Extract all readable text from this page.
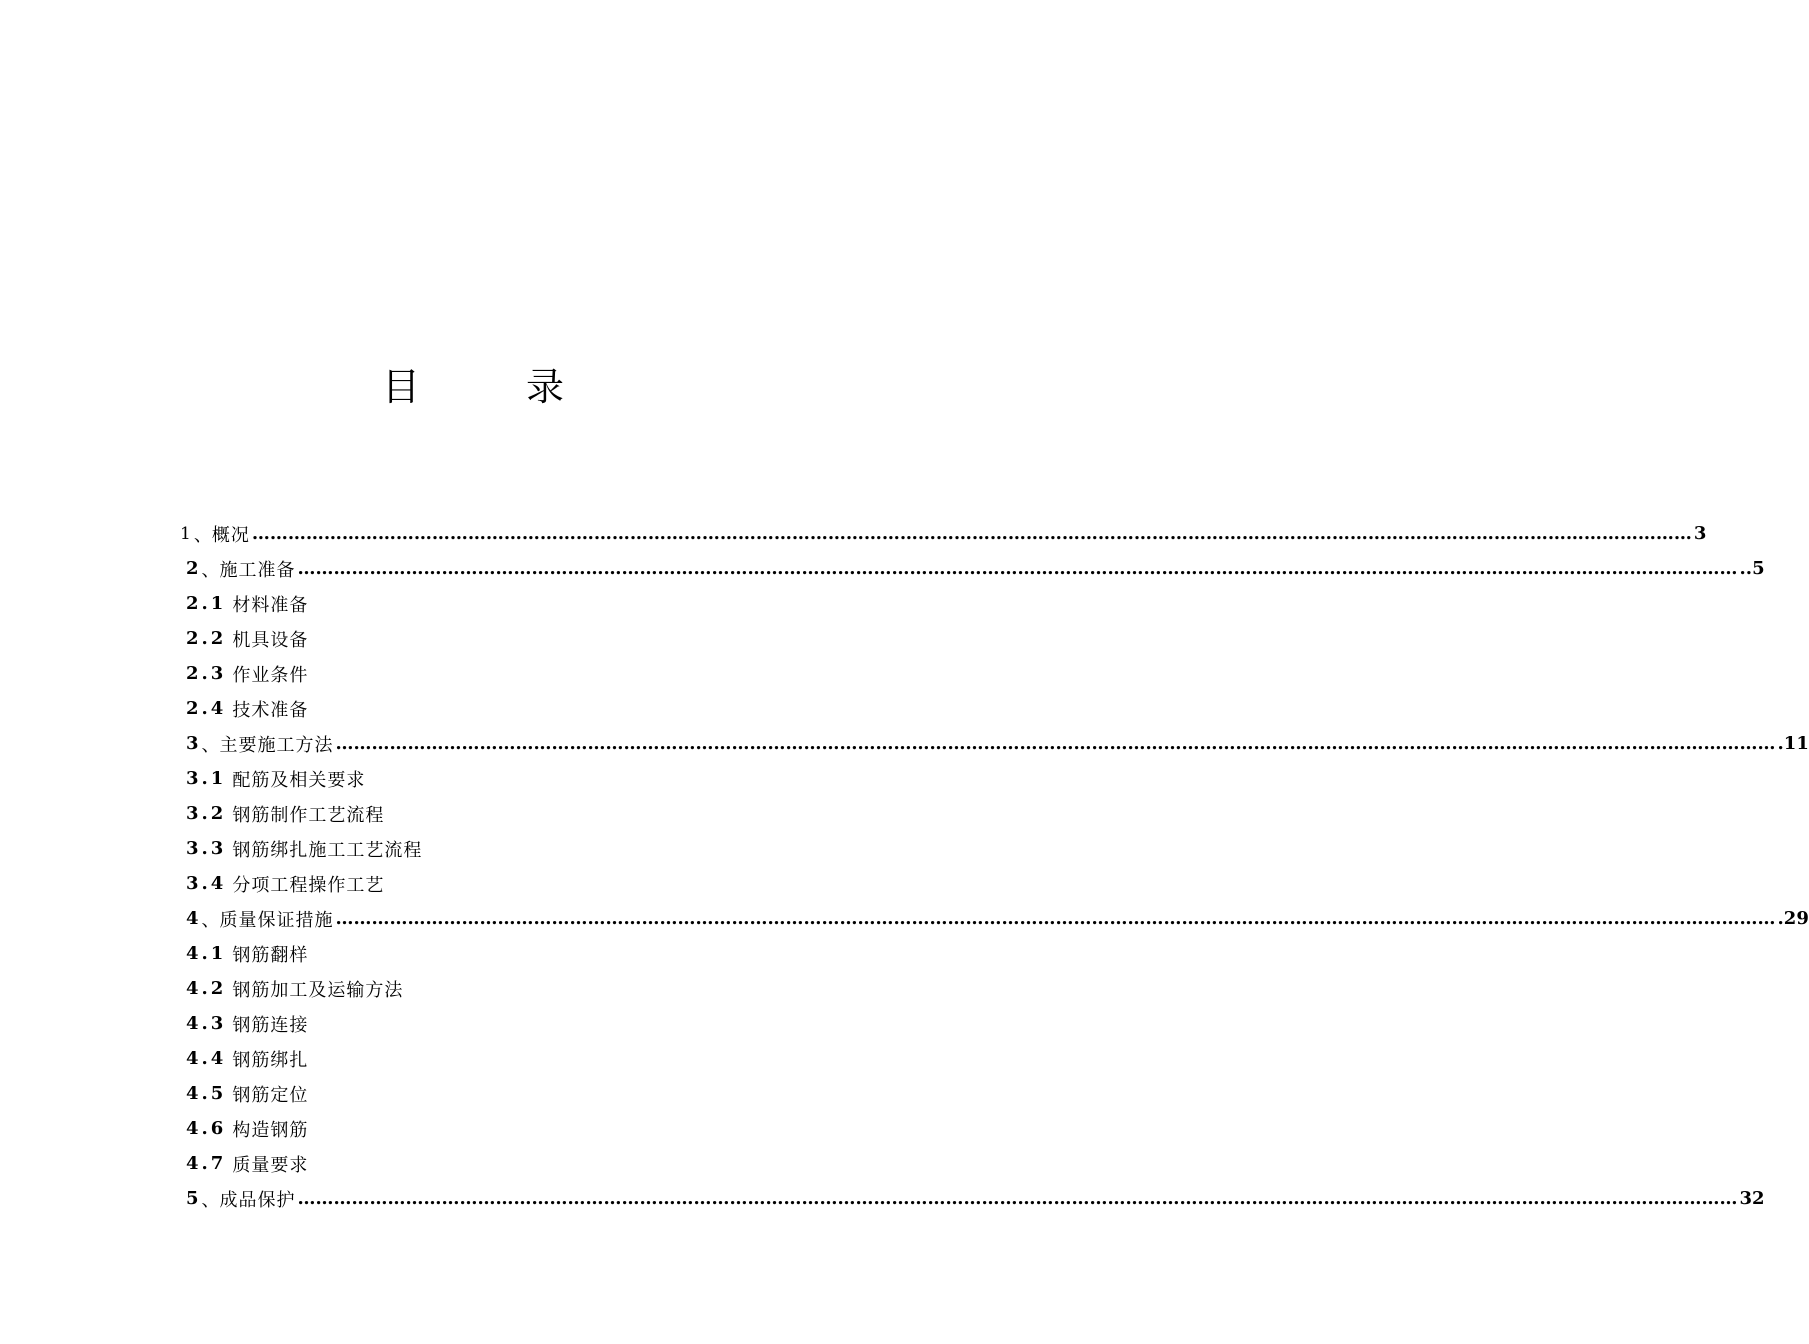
目　录
1 、 概况 …………………………………………………………………………………………………………………………………………………………………………………………………………………… 3
2 、 施工准备 …………………………………………………………………………………………………………………………………………………………………………………………………………………… ..5
2.1 材料准备
2.2 机具设备
2.3 作业条件
2.4 技术准备
3 、 主要施工方法 …………………………………………………………………………………………………………………………………………………………………………………………………………………… .11
3.1 配筋及相关要求
3.2 钢筋制作工艺流程
3.3 钢筋绑扎施工工艺流程
3.4 分项工程操作工艺
4 、 质量保证措施 …………………………………………………………………………………………………………………………………………………………………………………………………………………… .29
4.1 钢筋翻样
4.2 钢筋加工及运输方法
4.3 钢筋连接
4.4 钢筋绑扎
4.5 钢筋定位
4.6 构造钢筋
4.7 质量要求
5 、 成品保护 …………………………………………………………………………………………………………………………………………………………………………………………………………………… 32
